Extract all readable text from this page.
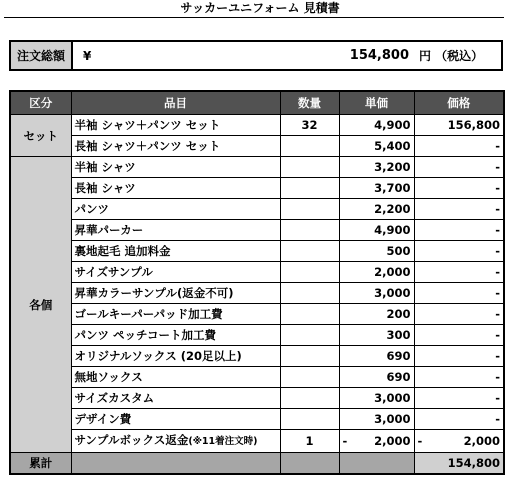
サッカーユニフォーム 見積書
注文総額	¥	154,800 円 （税込）
区分	品目	数量	単価	価格
セット	半袖 シャツ＋パンツ セット	32	4,900	156,800
	長袖 シャツ＋パンツ セット		5,400	-
各個	半袖 シャツ		3,200	-
	長袖 シャツ		3,700	-
	パンツ		2,200	-
	昇華パーカー		4,900	-
	裏地起毛 追加料金		500	-
	サイズサンプル		2,000	-
	昇華カラーサンプル(返金不可)		3,000	-
	ゴールキーパーパッド加工費		200	-
	パンツ ペッチコート加工費		300	-
	オリジナルソックス (20足以上)		690	-
	無地ソックス		690	-
	サイズカスタム		3,000	-
	デザイン費		3,000	-
	サンプルボックス返金(※11着注文時)	1	- 2,000	- 2,000

累計				154,800
